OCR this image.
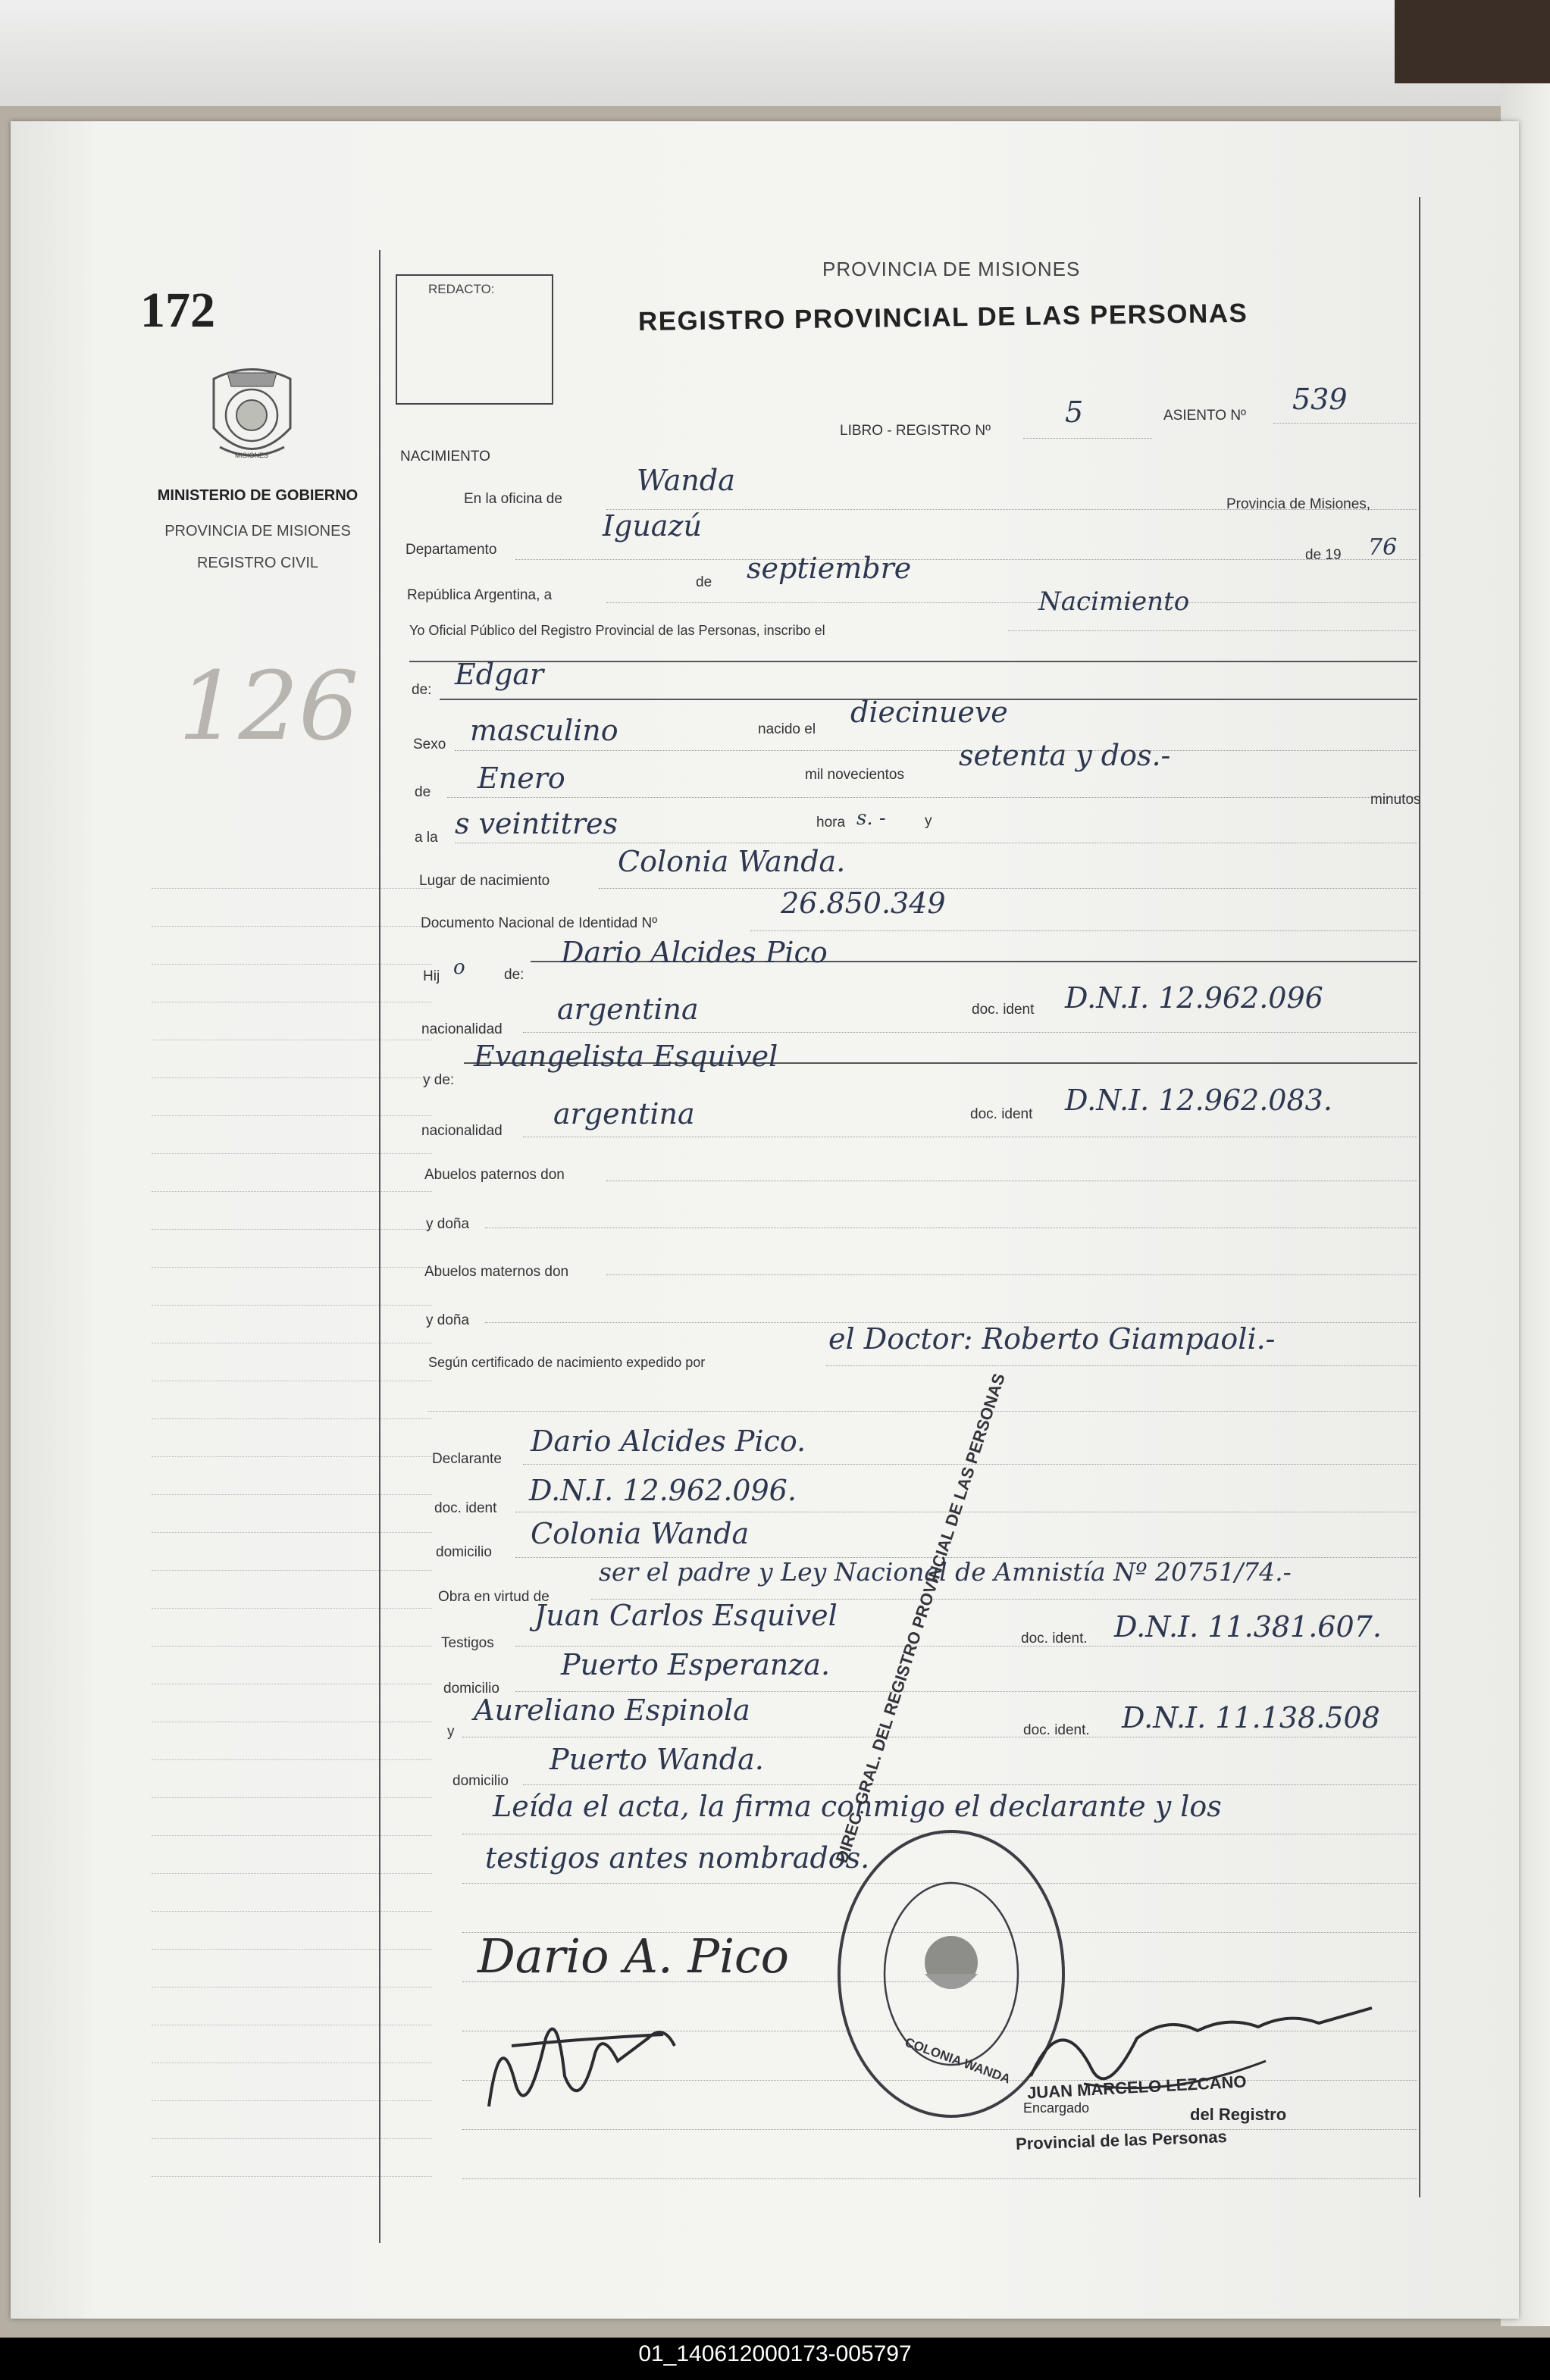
172
MISIONES
MINISTERIO DE GOBIERNO
PROVINCIA DE MISIONES
REGISTRO CIVIL
126
REDACTO:
PROVINCIA DE MISIONES
REGISTRO PROVINCIAL DE LAS PERSONAS
LIBRO - REGISTRO Nº
5	ASIENTO Nº 539
NACIMIENTO
En la oficina de
Wanda
Provincia de Misiones,
Departamento
Iguazú
República Argentina, a
de septiembre	de 19 76
Yo Oficial Público del Registro Provincial de las Personas, inscribo el
Nacimiento
de: Edgar
Sexo masculino	nacido el
diecinueve
de Enero	mil novecientos
setenta y dos.-
minutos
a la s veintitres	hora s. -	y
Lugar de nacimiento
Colonia Wanda.
Documento Nacional de Identidad Nº
26.850.349
Hij o	de:
Dario Alcides Pico
nacionalidad
argentina	doc. ident D.N.I. 12.962.096
y de:
Evangelista Esquivel
nacionalidad
argentina	doc. ident D.N.I. 12.962.083.
Abuelos paternos don
y doña
Abuelos maternos don
y doña
Según certificado de nacimiento expedido por
el Doctor: Roberto Giampaoli.-
Declarante
Dario Alcides Pico.
doc. ident
D.N.I. 12.962.096.
domicilio
Colonia Wanda
Obra en virtud de
ser el padre y Ley Nacional de Amnistía Nº 20751/74.-
Testigos
Juan Carlos Esquivel
doc. ident. D.N.I. 11.381.607.
domicilio
Puerto Esperanza.
y
Aureliano Espinola
doc. ident. D.N.I. 11.138.508
domicilio
Puerto Wanda.
Leída el acta, la firma conmigo el declarante y los
testigos antes nombrados.
COLONIA WANDA
Dario A. Pico
JUAN MARCELO LEZCANO
Encargado	del Registro
Provincial de las Personas
01_140612000173-005797
